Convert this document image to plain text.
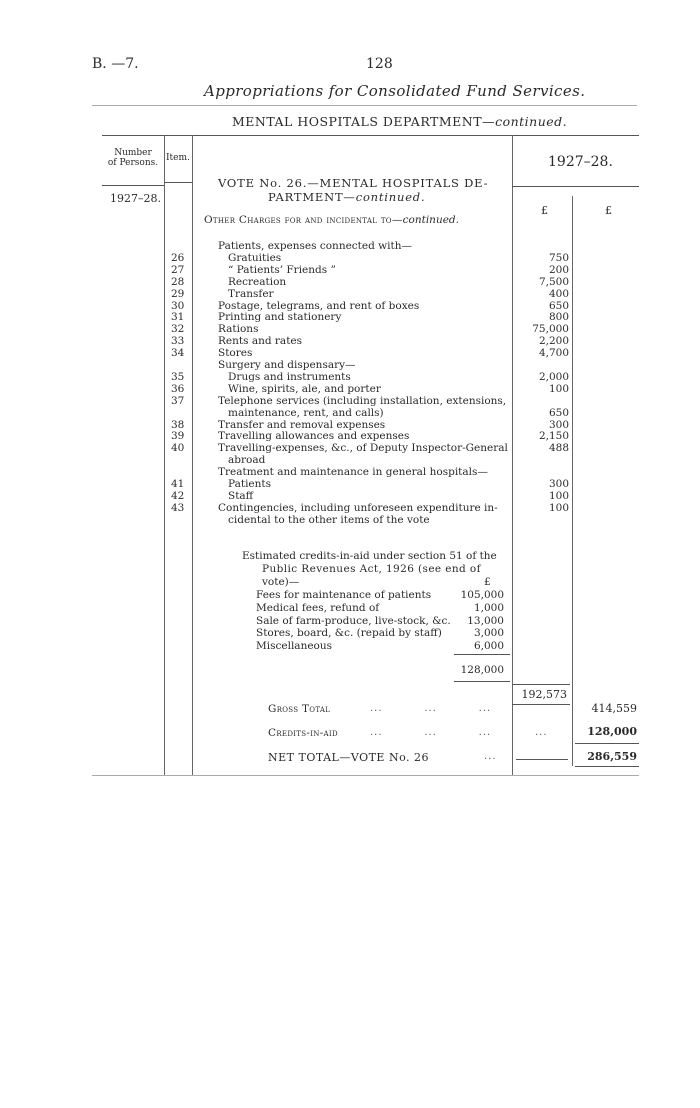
B. —7.	128
Appropriations for Consolidated Fund Services.
MENTAL HOSPITALS DEPARTMENT—continued.
Number
of Persons. Item.	1927–28.
1927–28.
£	£
VOTE No. 26.—MENTAL HOSPITALS DE-
PARTMENT—continued.
Other Charges for and incidental to—continued.
Patients, expenses connected with—
26	Gratuities	750
27	“ Patients’ Friends ”	200
28	Recreation	7,500
29	Transfer	400
30	Postage, telegrams, and rent of boxes	650
31	Printing and stationery	800
32	Rations	75,000
33	Rents and rates	2,200
34	Stores	4,700
Surgery and dispensary—
35	Drugs and instruments	2,000
36	Wine, spirits, ale, and porter	100
37	Telephone services (including installation, extensions,
maintenance, rent, and calls)	650
38	Transfer and removal expenses	300
39	Travelling allowances and expenses	2,150
40	Travelling-expenses, &c., of Deputy Inspector-General	488
abroad
Treatment and maintenance in general hospitals—
41	Patients	300
42	Staff	100
43	Contingencies, including unforeseen expenditure in-	100
cidental to the other items of the vote
Estimated credits-in-aid under section 51 of the
Public Revenues Act, 1926 (see end of
vote)—	£
Fees for maintenance of patients	105,000
Medical fees, refund of	1,000
Sale of farm-produce, live-stock, &c.	13,000
Stores, board, &c. (repaid by staff)	3,000
Miscellaneous	6,000
128,000
192,573
Gross Total	...          ...          ...	414,559
Credits-in-aid	...          ...          ...	...	128,000
NET TOTAL—VOTE No. 26	...	286,559
